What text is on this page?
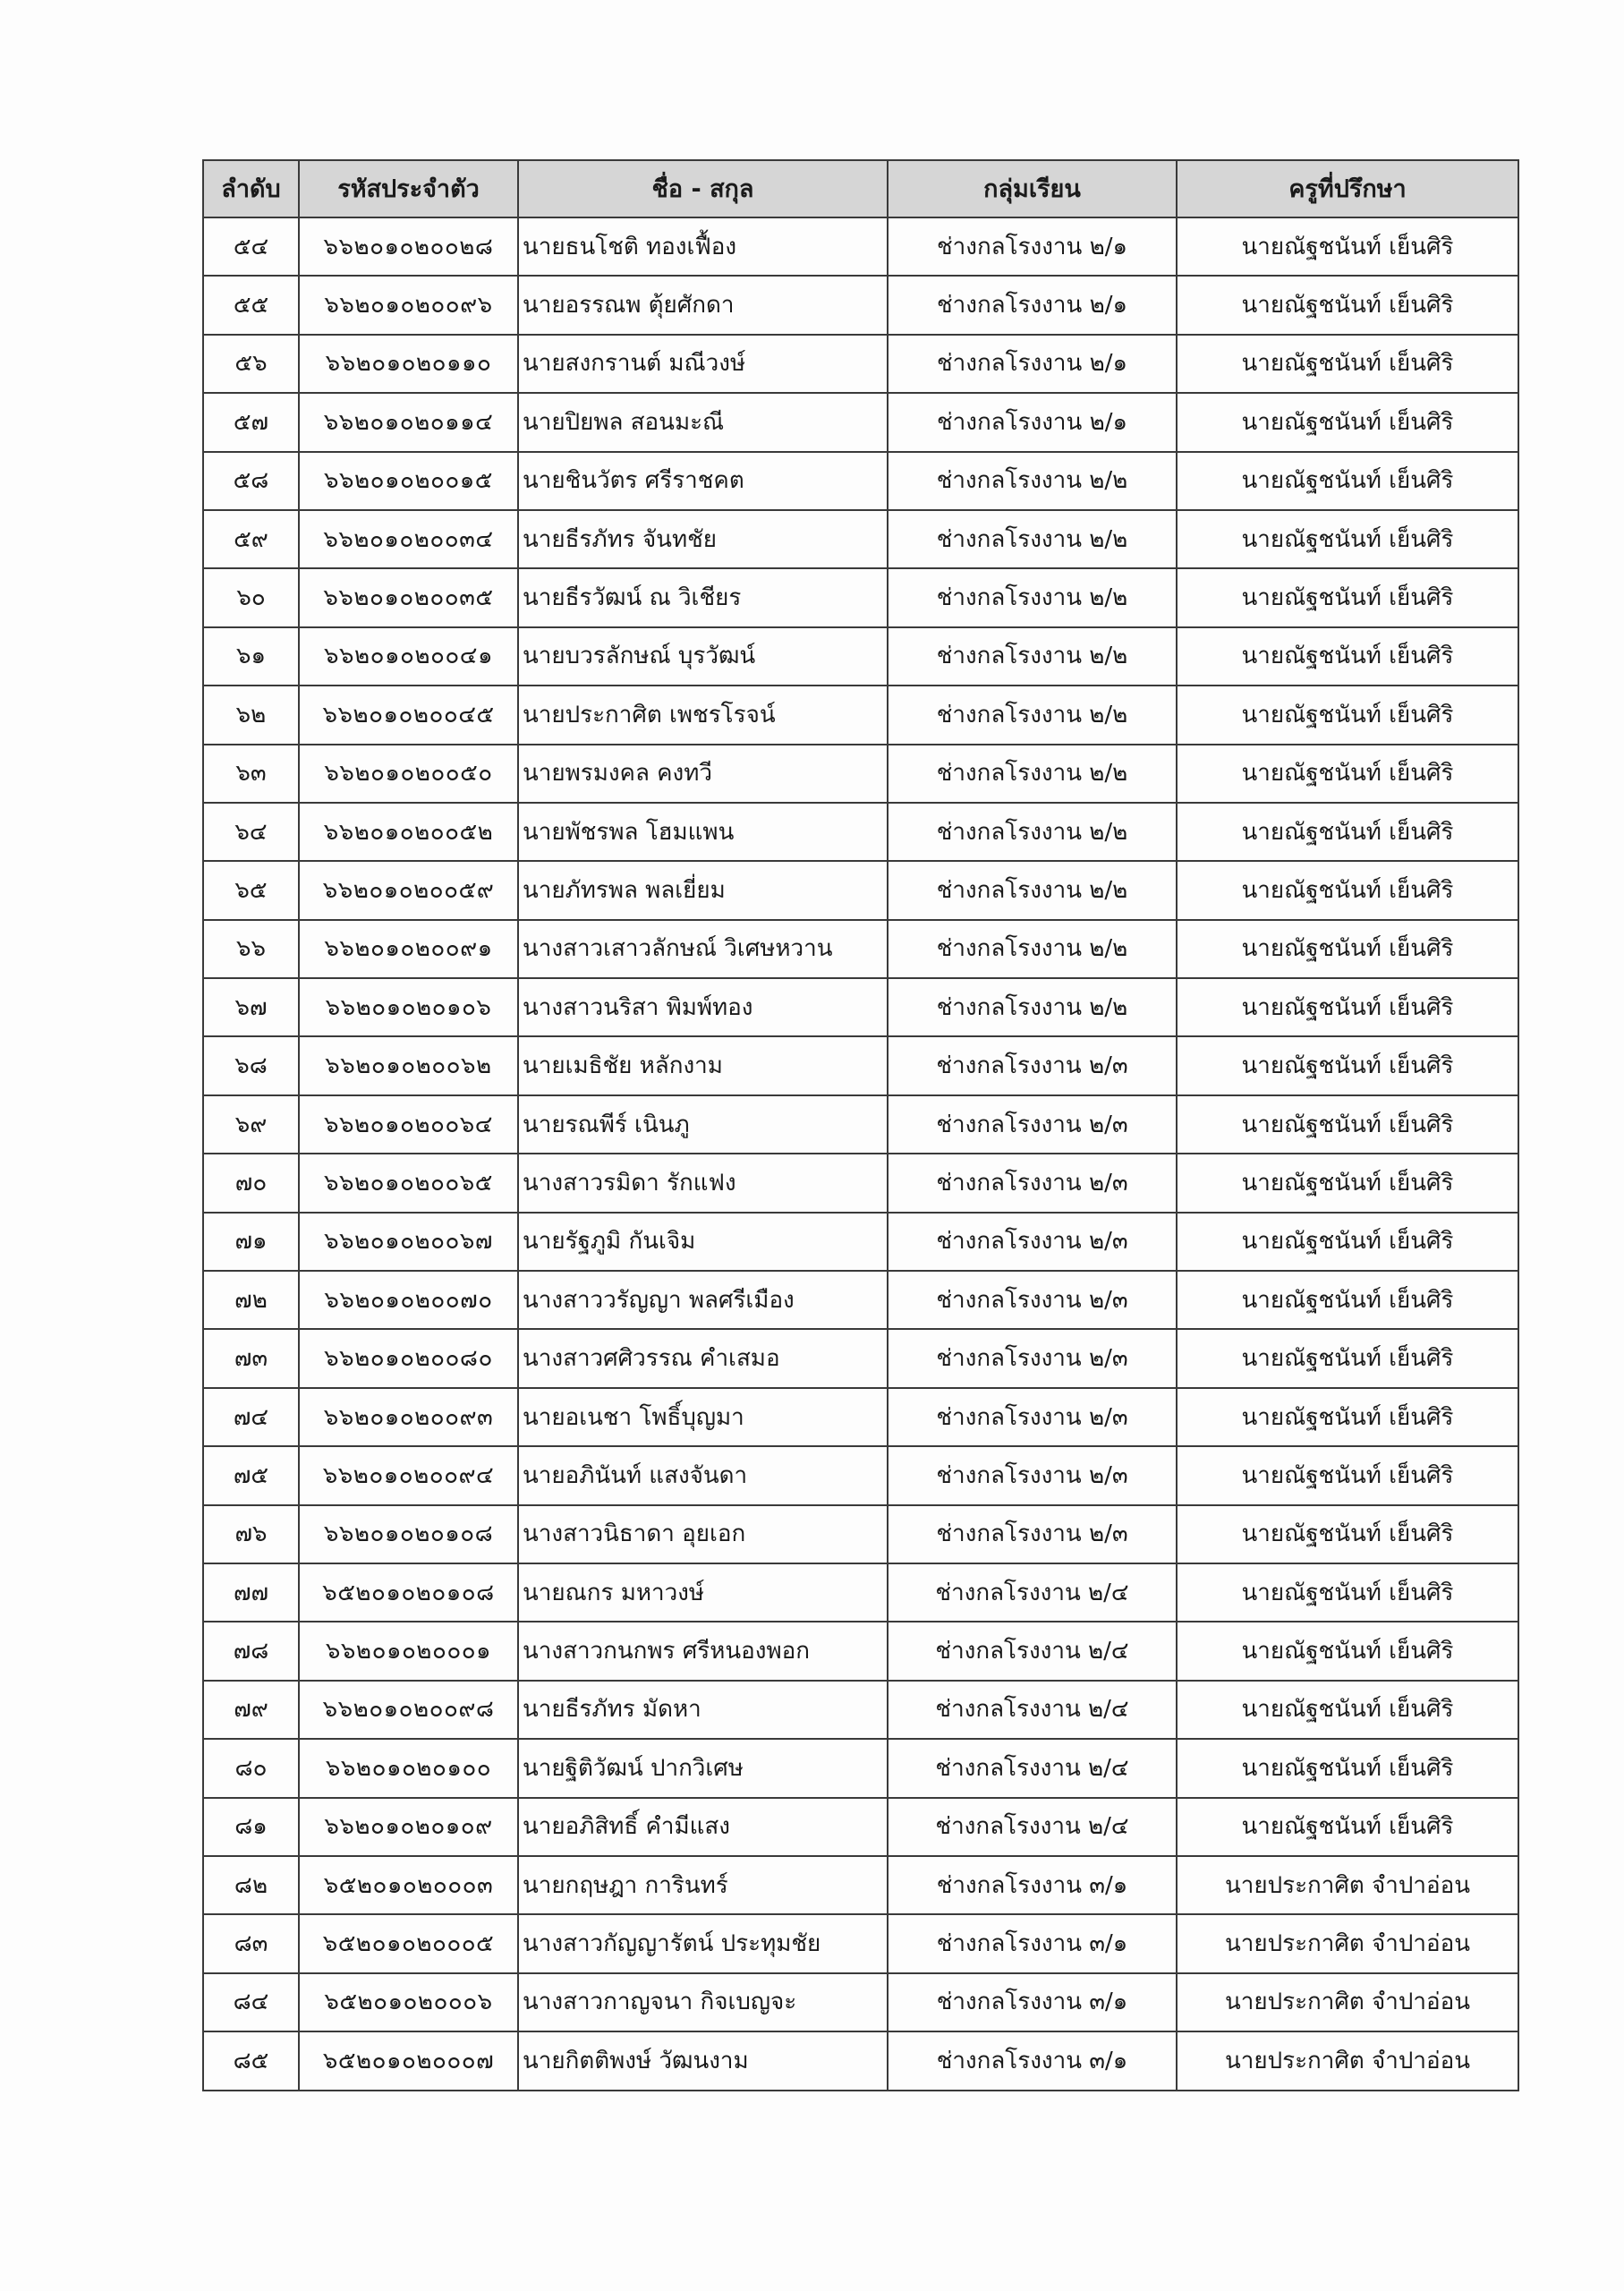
ลำดับ	รหัสประจำตัว	ชื่อ - สกุล	กลุ่มเรียน	ครูที่ปรึกษา
๕๔	๖๖๒๐๑๐๒๐๐๒๘	นายธนโชติ ทองเฟื้อง	ช่างกลโรงงาน ๒/๑	นายณัฐชนันท์ เย็นศิริ
๕๕	๖๖๒๐๑๐๒๐๐๙๖	นายอรรณพ ตุ้ยศักดา	ช่างกลโรงงาน ๒/๑	นายณัฐชนันท์ เย็นศิริ
๕๖	๖๖๒๐๑๐๒๐๑๑๐	นายสงกรานต์ มณีวงษ์	ช่างกลโรงงาน ๒/๑	นายณัฐชนันท์ เย็นศิริ
๕๗	๖๖๒๐๑๐๒๐๑๑๔	นายปิยพล สอนมะณี	ช่างกลโรงงาน ๒/๑	นายณัฐชนันท์ เย็นศิริ
๕๘	๖๖๒๐๑๐๒๐๐๑๕	นายชินวัตร ศรีราชคต	ช่างกลโรงงาน ๒/๒	นายณัฐชนันท์ เย็นศิริ
๕๙	๖๖๒๐๑๐๒๐๐๓๔	นายธีรภัทร จันทชัย	ช่างกลโรงงาน ๒/๒	นายณัฐชนันท์ เย็นศิริ
๖๐	๖๖๒๐๑๐๒๐๐๓๕	นายธีรวัฒน์ ณ วิเชียร	ช่างกลโรงงาน ๒/๒	นายณัฐชนันท์ เย็นศิริ
๖๑	๖๖๒๐๑๐๒๐๐๔๑	นายบวรลักษณ์ บุรวัฒน์	ช่างกลโรงงาน ๒/๒	นายณัฐชนันท์ เย็นศิริ
๖๒	๖๖๒๐๑๐๒๐๐๔๕	นายประกาศิต เพชรโรจน์	ช่างกลโรงงาน ๒/๒	นายณัฐชนันท์ เย็นศิริ
๖๓	๖๖๒๐๑๐๒๐๐๕๐	นายพรมงคล คงทวี	ช่างกลโรงงาน ๒/๒	นายณัฐชนันท์ เย็นศิริ
๖๔	๖๖๒๐๑๐๒๐๐๕๒	นายพัชรพล โฮมแพน	ช่างกลโรงงาน ๒/๒	นายณัฐชนันท์ เย็นศิริ
๖๕	๖๖๒๐๑๐๒๐๐๕๙	นายภัทรพล พลเยี่ยม	ช่างกลโรงงาน ๒/๒	นายณัฐชนันท์ เย็นศิริ
๖๖	๖๖๒๐๑๐๒๐๐๙๑	นางสาวเสาวลักษณ์ วิเศษหวาน	ช่างกลโรงงาน ๒/๒	นายณัฐชนันท์ เย็นศิริ
๖๗	๖๖๒๐๑๐๒๐๑๐๖	นางสาวนริสา พิมพ์ทอง	ช่างกลโรงงาน ๒/๒	นายณัฐชนันท์ เย็นศิริ
๖๘	๖๖๒๐๑๐๒๐๐๖๒	นายเมธิชัย หลักงาม	ช่างกลโรงงาน ๒/๓	นายณัฐชนันท์ เย็นศิริ
๖๙	๖๖๒๐๑๐๒๐๐๖๔	นายรณพีร์ เนินภู	ช่างกลโรงงาน ๒/๓	นายณัฐชนันท์ เย็นศิริ
๗๐	๖๖๒๐๑๐๒๐๐๖๕	นางสาวรมิดา รักแฟง	ช่างกลโรงงาน ๒/๓	นายณัฐชนันท์ เย็นศิริ
๗๑	๖๖๒๐๑๐๒๐๐๖๗	นายรัฐภูมิ กันเจิม	ช่างกลโรงงาน ๒/๓	นายณัฐชนันท์ เย็นศิริ
๗๒	๖๖๒๐๑๐๒๐๐๗๐	นางสาววรัญญา พลศรีเมือง	ช่างกลโรงงาน ๒/๓	นายณัฐชนันท์ เย็นศิริ
๗๓	๖๖๒๐๑๐๒๐๐๘๐	นางสาวศศิวรรณ คำเสมอ	ช่างกลโรงงาน ๒/๓	นายณัฐชนันท์ เย็นศิริ
๗๔	๖๖๒๐๑๐๒๐๐๙๓	นายอเนชา โพธิ์บุญมา	ช่างกลโรงงาน ๒/๓	นายณัฐชนันท์ เย็นศิริ
๗๕	๖๖๒๐๑๐๒๐๐๙๔	นายอภินันท์ แสงจันดา	ช่างกลโรงงาน ๒/๓	นายณัฐชนันท์ เย็นศิริ
๗๖	๖๖๒๐๑๐๒๐๑๐๘	นางสาวนิธาดา อุยเอก	ช่างกลโรงงาน ๒/๓	นายณัฐชนันท์ เย็นศิริ
๗๗	๖๕๒๐๑๐๒๐๑๐๘	นายณกร มหาวงษ์	ช่างกลโรงงาน ๒/๔	นายณัฐชนันท์ เย็นศิริ
๗๘	๖๖๒๐๑๐๒๐๐๐๑	นางสาวกนกพร ศรีหนองพอก	ช่างกลโรงงาน ๒/๔	นายณัฐชนันท์ เย็นศิริ
๗๙	๖๖๒๐๑๐๒๐๐๙๘	นายธีรภัทร มัดหา	ช่างกลโรงงาน ๒/๔	นายณัฐชนันท์ เย็นศิริ
๘๐	๖๖๒๐๑๐๒๐๑๐๐	นายฐิติวัฒน์ ปากวิเศษ	ช่างกลโรงงาน ๒/๔	นายณัฐชนันท์ เย็นศิริ
๘๑	๖๖๒๐๑๐๒๐๑๐๙	นายอภิสิทธิ์ คำมีแสง	ช่างกลโรงงาน ๒/๔	นายณัฐชนันท์ เย็นศิริ
๘๒	๖๕๒๐๑๐๒๐๐๐๓	นายกฤษฎา การินทร์	ช่างกลโรงงาน ๓/๑	นายประกาศิต จำปาอ่อน
๘๓	๖๕๒๐๑๐๒๐๐๐๕	นางสาวกัญญารัตน์ ประทุมชัย	ช่างกลโรงงาน ๓/๑	นายประกาศิต จำปาอ่อน
๘๔	๖๕๒๐๑๐๒๐๐๐๖	นางสาวกาญจนา กิจเบญจะ	ช่างกลโรงงาน ๓/๑	นายประกาศิต จำปาอ่อน
๘๕	๖๕๒๐๑๐๒๐๐๐๗	นายกิตติพงษ์ วัฒนงาม	ช่างกลโรงงาน ๓/๑	นายประกาศิต จำปาอ่อน
